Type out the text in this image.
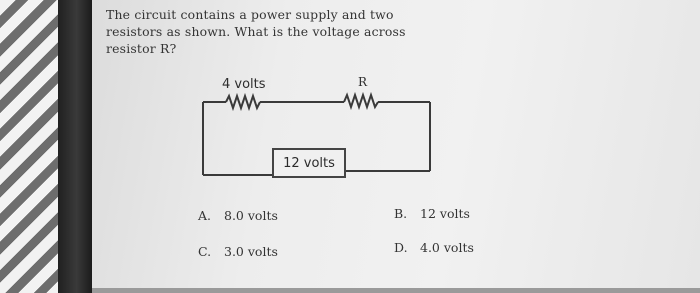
The circuit contains a power supply and two
resistors as shown. What is the voltage across
resistor R?
4 volts	R
12 volts
A. 8.0 volts	B. 12 volts
C. 3.0 volts	D. 4.0 volts
